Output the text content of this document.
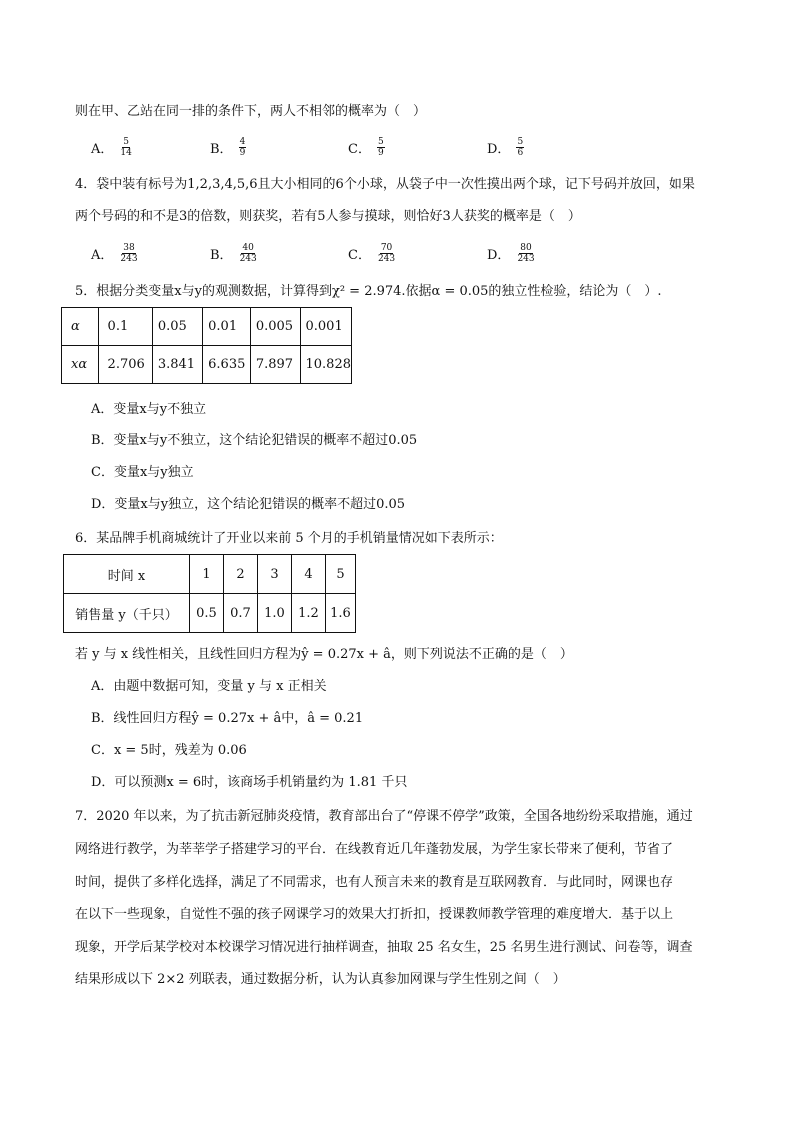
则在甲、乙站在同一排的条件下，两人不相邻的概率为（　）
A． $\frac{5}{14}$	B． $\frac{4}{9}$	C． $\frac{5}{9}$	D． $\frac{5}{6}$
4．袋中装有标号为1,2,3,4,5,6且大小相同的6个小球，从袋子中一次性摸出两个球，记下号码并放回，如果
两个号码的和不是3的倍数，则获奖，若有5人参与摸球，则恰好3人获奖的概率是（　）
A． $\frac{38}{243}$	B． $\frac{40}{243}$	C． $\frac{70}{243}$	D． $\frac{80}{243}$
5．根据分类变量x与y的观测数据，计算得到χ² = 2.974.依据α = 0.05的独立性检验，结论为（　）.
α	0.1	0.05	0.01	0.005	0.001
xα	2.706	3.841	6.635	7.897	10.828
A．变量x与y不独立
B．变量x与y不独立，这个结论犯错误的概率不超过0.05
C．变量x与y独立
D．变量x与y独立，这个结论犯错误的概率不超过0.05
6．某品牌手机商城统计了开业以来前 5 个月的手机销量情况如下表所示：
时间 x	1	2	3	4	5
销售量 y（千只）	0.5	0.7	1.0	1.2	1.6
若 y 与 x 线性相关，且线性回归方程为ŷ = 0.27x + â，则下列说法不正确的是（　）
A．由题中数据可知，变量 y 与 x 正相关
B．线性回归方程ŷ = 0.27x + â中，â = 0.21
C．x = 5时，残差为 0.06
D．可以预测x = 6时，该商场手机销量约为 1.81 千只
7．2020 年以来，为了抗击新冠肺炎疫情，教育部出台了“停课不停学”政策，全国各地纷纷采取措施，通过
网络进行教学，为莘莘学子搭建学习的平台．在线教育近几年蓬勃发展，为学生家长带来了便利，节省了
时间，提供了多样化选择，满足了不同需求，也有人预言未来的教育是互联网教育．与此同时，网课也存
在以下一些现象，自觉性不强的孩子网课学习的效果大打折扣，授课教师教学管理的难度增大．基于以上
现象，开学后某学校对本校课学习情况进行抽样调查，抽取 25 名女生，25 名男生进行测试、问卷等，调查
结果形成以下 2×2 列联表，通过数据分析，认为认真参加网课与学生性别之间（　）
